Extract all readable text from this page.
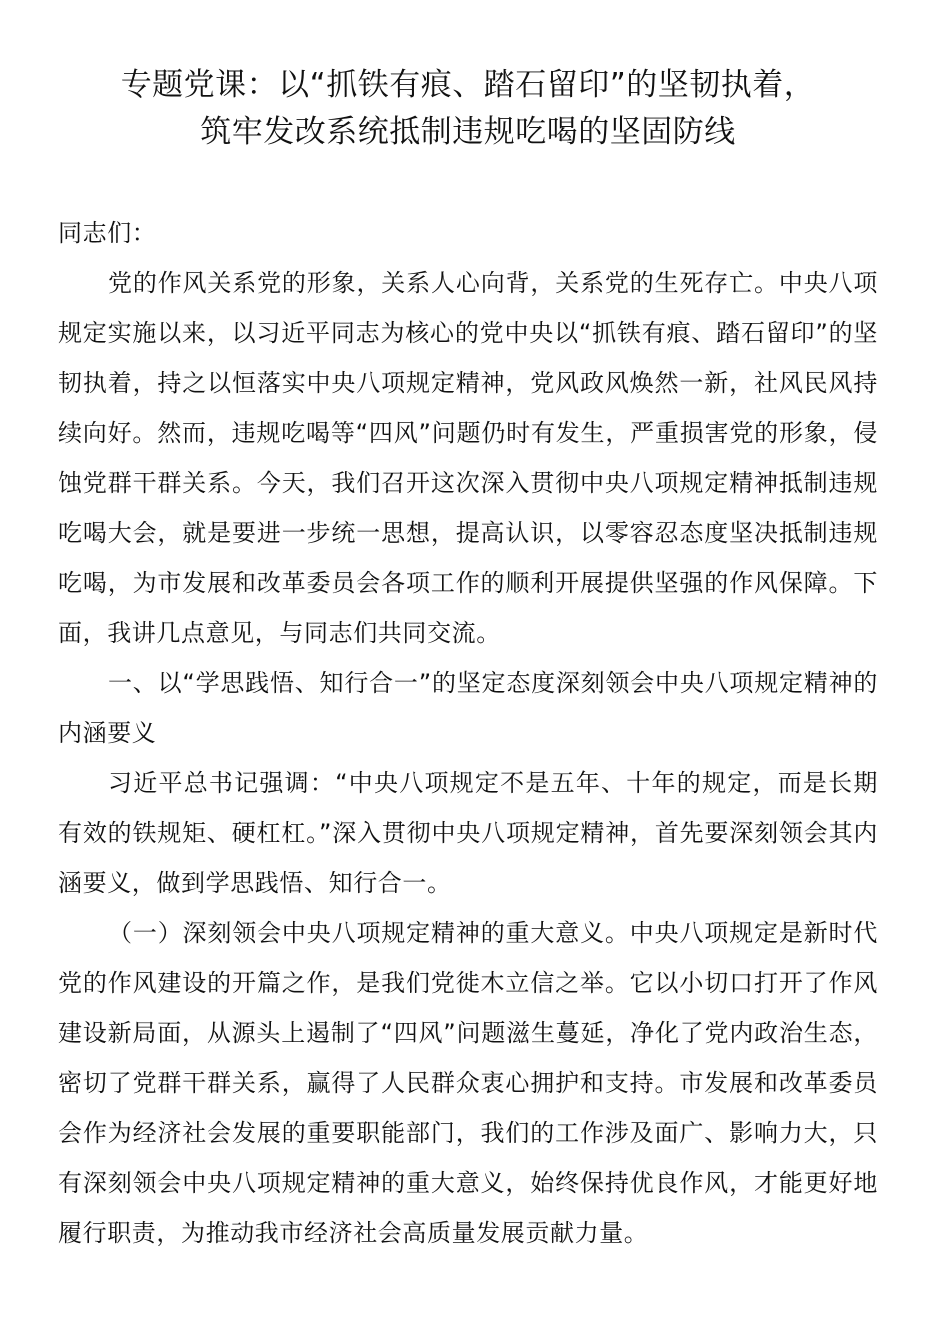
专题党课：以“抓铁有痕、踏石留印”的坚韧执着，
筑牢发改系统抵制违规吃喝的坚固防线

同志们：

党的作风关系党的形象，关系人心向背，关系党的生死存亡。中央八项规定实施以来，以习近平同志为核心的党中央以“抓铁有痕、踏石留印”的坚韧执着，持之以恒落实中央八项规定精神，党风政风焕然一新，社风民风持续向好。然而，违规吃喝等“四风”问题仍时有发生，严重损害党的形象，侵蚀党群干群关系。今天，我们召开这次深入贯彻中央八项规定精神抵制违规吃喝大会，就是要进一步统一思想，提高认识，以零容忍态度坚决抵制违规吃喝，为市发展和改革委员会各项工作的顺利开展提供坚强的作风保障。下面，我讲几点意见，与同志们共同交流。

一、以“学思践悟、知行合一”的坚定态度深刻领会中央八项规定精神的内涵要义

习近平总书记强调：“中央八项规定不是五年、十年的规定，而是长期有效的铁规矩、硬杠杠。”深入贯彻中央八项规定精神，首先要深刻领会其内涵要义，做到学思践悟、知行合一。

（一）深刻领会中央八项规定精神的重大意义。中央八项规定是新时代党的作风建设的开篇之作，是我们党徙木立信之举。它以小切口打开了作风建设新局面，从源头上遏制了“四风”问题滋生蔓延，净化了党内政治生态，密切了党群干群关系，赢得了人民群众衷心拥护和支持。市发展和改革委员会作为经济社会发展的重要职能部门，我们的工作涉及面广、影响力大，只有深刻领会中央八项规定精神的重大意义，始终保持优良作风，才能更好地履行职责，为推动我市经济社会高质量发展贡献力量。
